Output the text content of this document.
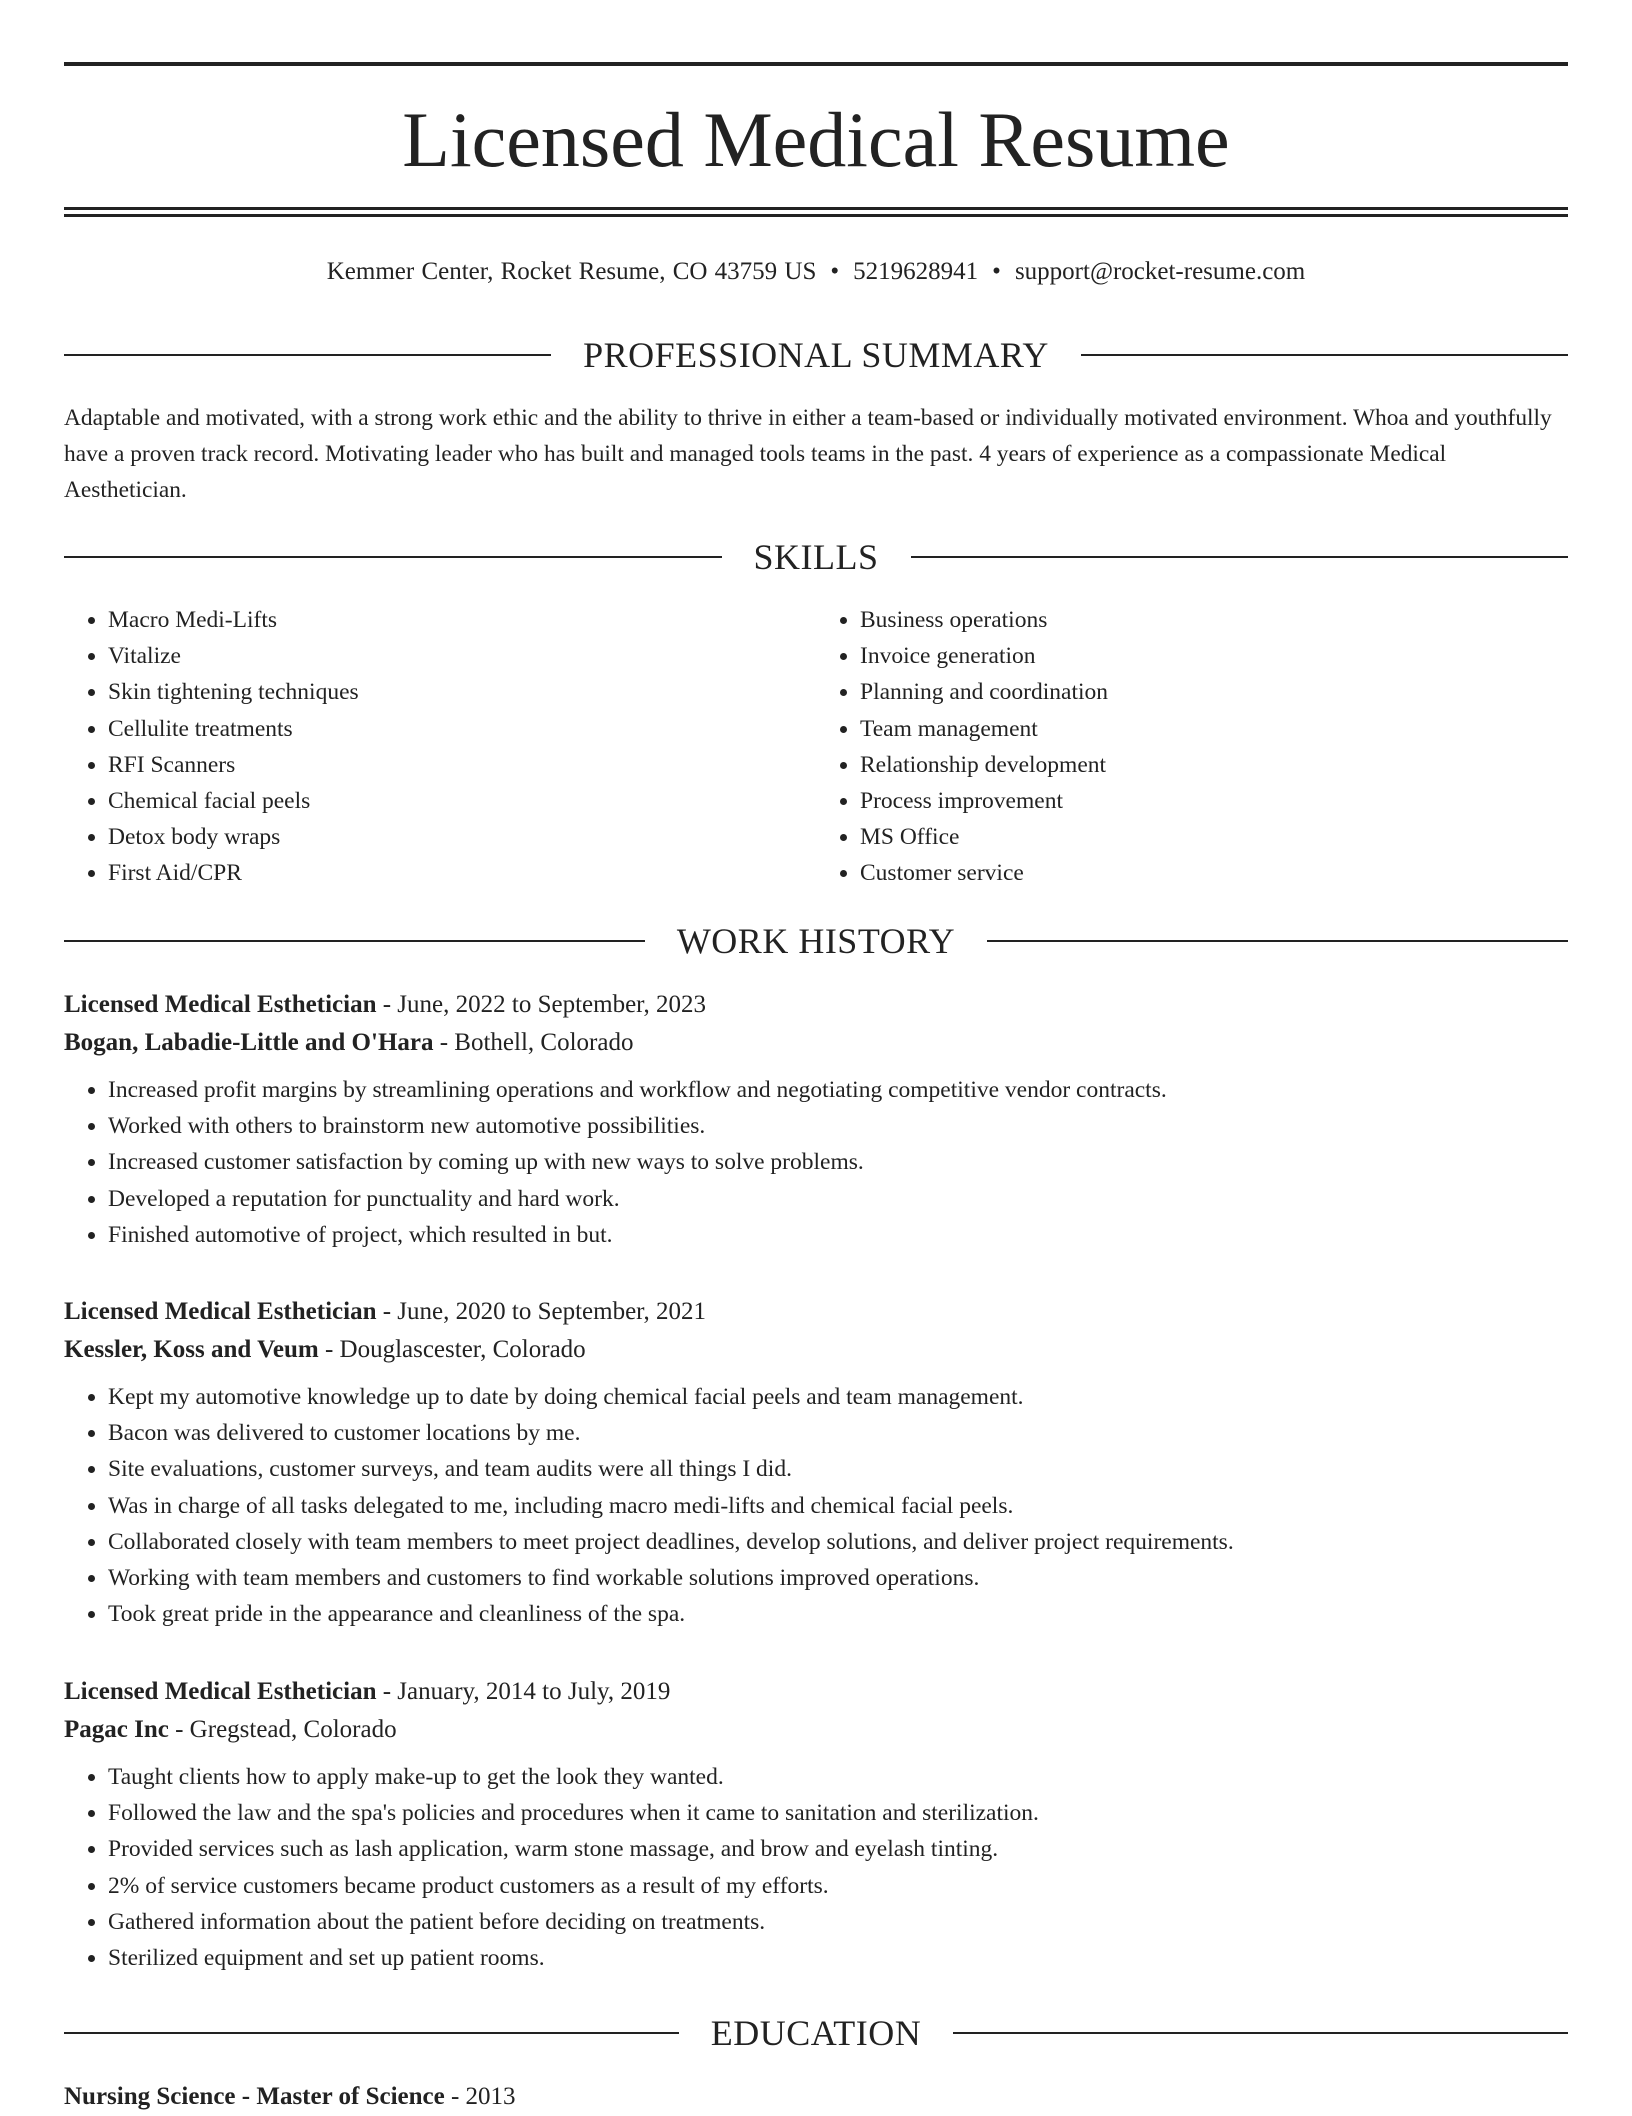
Licensed Medical Resume
Kemmer Center, Rocket Resume, CO 43759 US • 5219628941 • support@rocket-resume.com
PROFESSIONAL SUMMARY

Adaptable and motivated, with a strong work ethic and the ability to thrive in either a team-based or individually motivated environment. Whoa and youthfully have a proven track record. Motivating leader who has built and managed tools teams in the past. 4 years of experience as a compassionate Medical Aesthetician.

SKILLS
• Macro Medi-Lifts
• Vitalize
• Skin tightening techniques
• Cellulite treatments
• RFI Scanners
• Chemical facial peels
• Detox body wraps
• First Aid/CPR
• Business operations
• Invoice generation
• Planning and coordination
• Team management
• Relationship development
• Process improvement
• MS Office
• Customer service
WORK HISTORY
Licensed Medical Esthetician - June, 2022 to September, 2023
Bogan, Labadie-Little and O'Hara - Bothell, Colorado
• Increased profit margins by streamlining operations and workflow and negotiating competitive vendor contracts.
• Worked with others to brainstorm new automotive possibilities.
• Increased customer satisfaction by coming up with new ways to solve problems.
• Developed a reputation for punctuality and hard work.
• Finished automotive of project, which resulted in but.
Licensed Medical Esthetician - June, 2020 to September, 2021
Kessler, Koss and Veum - Douglascester, Colorado
• Kept my automotive knowledge up to date by doing chemical facial peels and team management.
• Bacon was delivered to customer locations by me.
• Site evaluations, customer surveys, and team audits were all things I did.
• Was in charge of all tasks delegated to me, including macro medi-lifts and chemical facial peels.
• Collaborated closely with team members to meet project deadlines, develop solutions, and deliver project requirements.
• Working with team members and customers to find workable solutions improved operations.
• Took great pride in the appearance and cleanliness of the spa.
Licensed Medical Esthetician - January, 2014 to July, 2019
Pagac Inc - Gregstead, Colorado
• Taught clients how to apply make-up to get the look they wanted.
• Followed the law and the spa's policies and procedures when it came to sanitation and sterilization.
• Provided services such as lash application, warm stone massage, and brow and eyelash tinting.
• 2% of service customers became product customers as a result of my efforts.
• Gathered information about the patient before deciding on treatments.
• Sterilized equipment and set up patient rooms.
EDUCATION
Nursing Science - Master of Science - 2013
